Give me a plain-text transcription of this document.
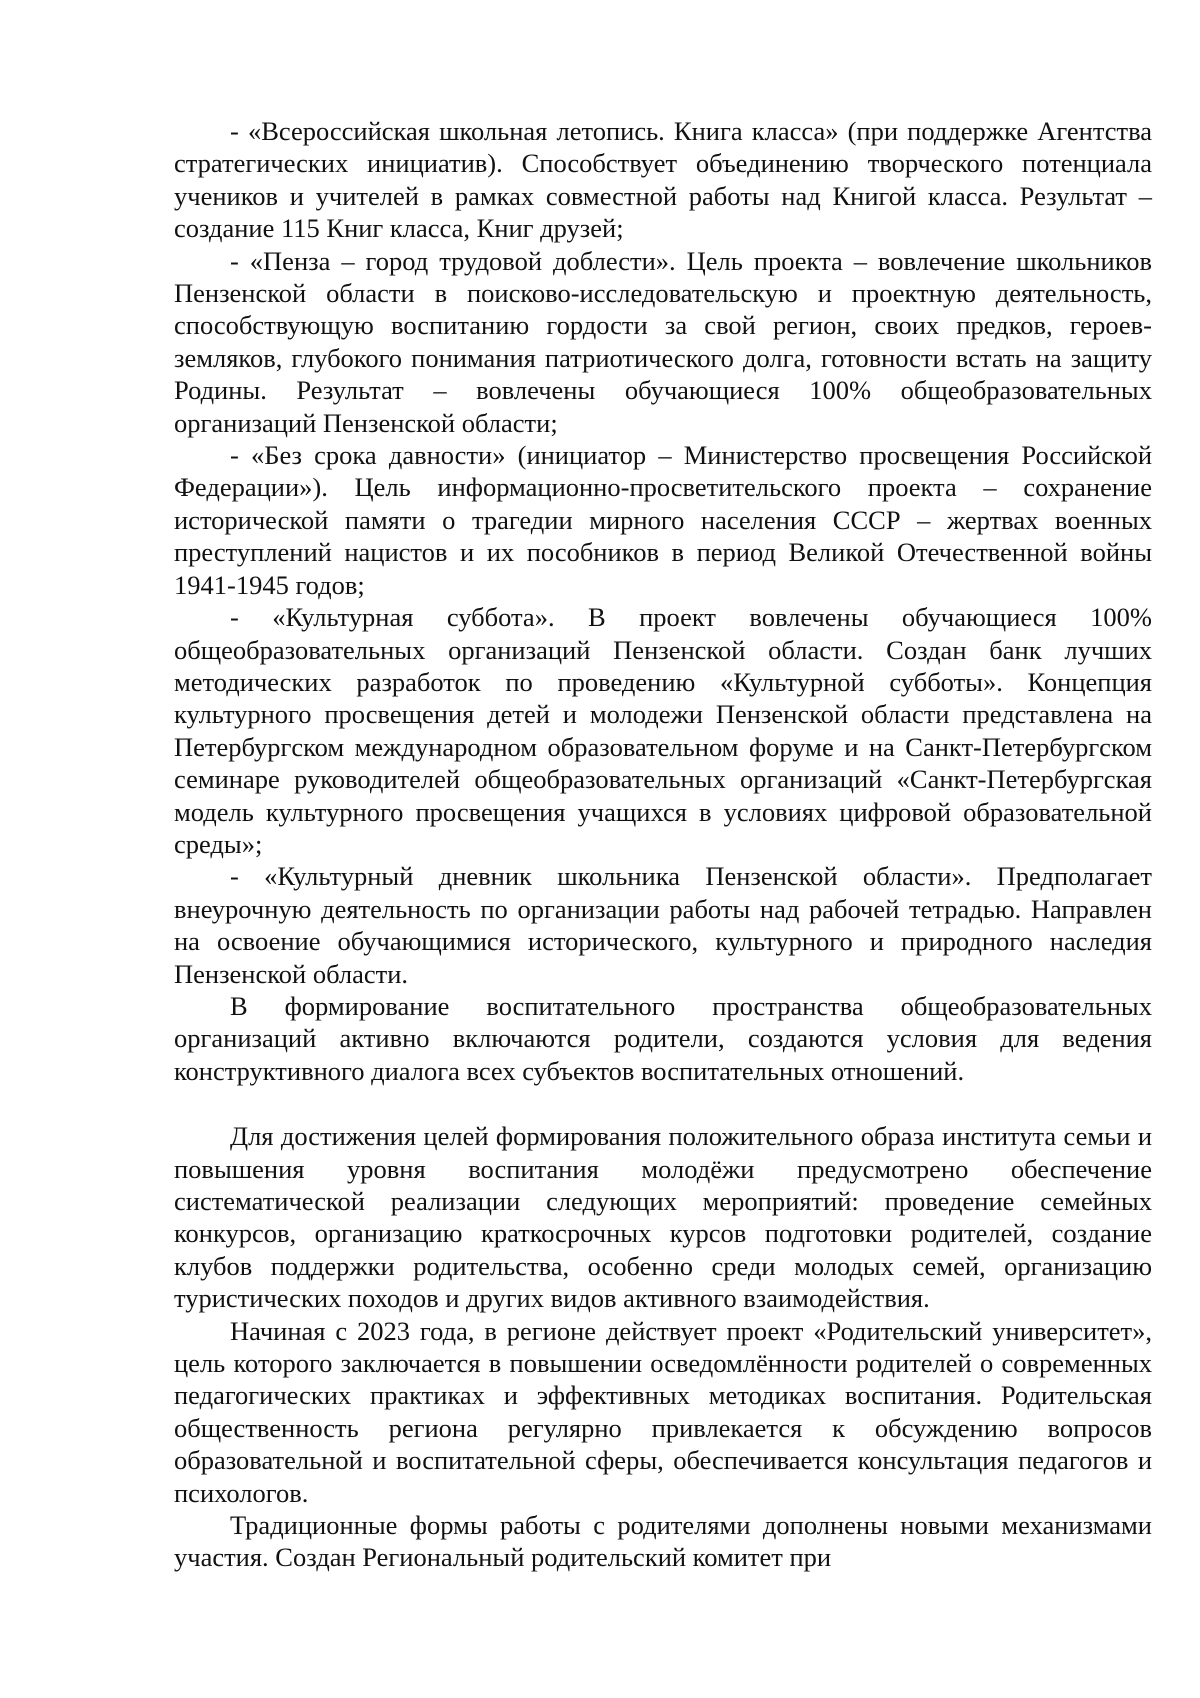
- «Всероссийская школьная летопись. Книга класса» (при поддержке Агентства стратегических инициатив). Способствует объединению творческого потенциала учеников и учителей в рамках совместной работы над Книгой класса. Результат – создание 115 Книг класса, Книг друзей;

- «Пенза – город трудовой доблести». Цель проекта – вовлечение школьников Пензенской области в поисково-исследовательскую и проектную деятельность, способствующую воспитанию гордости за свой регион, своих предков, героев-земляков, глубокого понимания патриотического долга, готовности встать на защиту Родины. Результат – вовлечены обучающиеся 100% общеобразовательных организаций Пензенской области;

- «Без срока давности» (инициатор – Министерство просвещения Российской Федерации»). Цель информационно-просветительского проекта – сохранение исторической памяти о трагедии мирного населения СССР – жертвах военных преступлений нацистов и их пособников в период Великой Отечественной войны 1941-1945 годов;

- «Культурная суббота». В проект вовлечены обучающиеся 100% общеобразовательных организаций Пензенской области. Создан банк лучших методических разработок по проведению «Культурной субботы». Концепция культурного просвещения детей и молодежи Пензенской области представлена на Петербургском международном образовательном форуме и на Санкт-Петербургском семинаре руководителей общеобразовательных организаций «Санкт-Петербургская модель культурного просвещения учащихся в условиях цифровой образовательной среды»;

- «Культурный дневник школьника Пензенской области». Предполагает внеурочную деятельность по организации работы над рабочей тетрадью. Направлен на освоение обучающимися исторического, культурного и природного наследия Пензенской области.

В формирование воспитательного пространства общеобразовательных организаций активно включаются родители, создаются условия для ведения конструктивного диалога всех субъектов воспитательных отношений.

Для достижения целей формирования положительного образа института семьи и повышения уровня воспитания молодёжи предусмотрено обеспечение систематической реализации следующих мероприятий: проведение семейных конкурсов, организацию краткосрочных курсов подготовки родителей, создание клубов поддержки родительства, особенно среди молодых семей, организацию туристических походов и других видов активного взаимодействия.

Начиная с 2023 года, в регионе действует проект «Родительский университет», цель которого заключается в повышении осведомлённости родителей о современных педагогических практиках и эффективных методиках воспитания. Родительская общественность региона регулярно привлекается к обсуждению вопросов образовательной и воспитательной сферы, обеспечивается консультация педагогов и психологов.

Традиционные формы работы с родителями дополнены новыми механизмами участия. Создан Региональный родительский комитет при
